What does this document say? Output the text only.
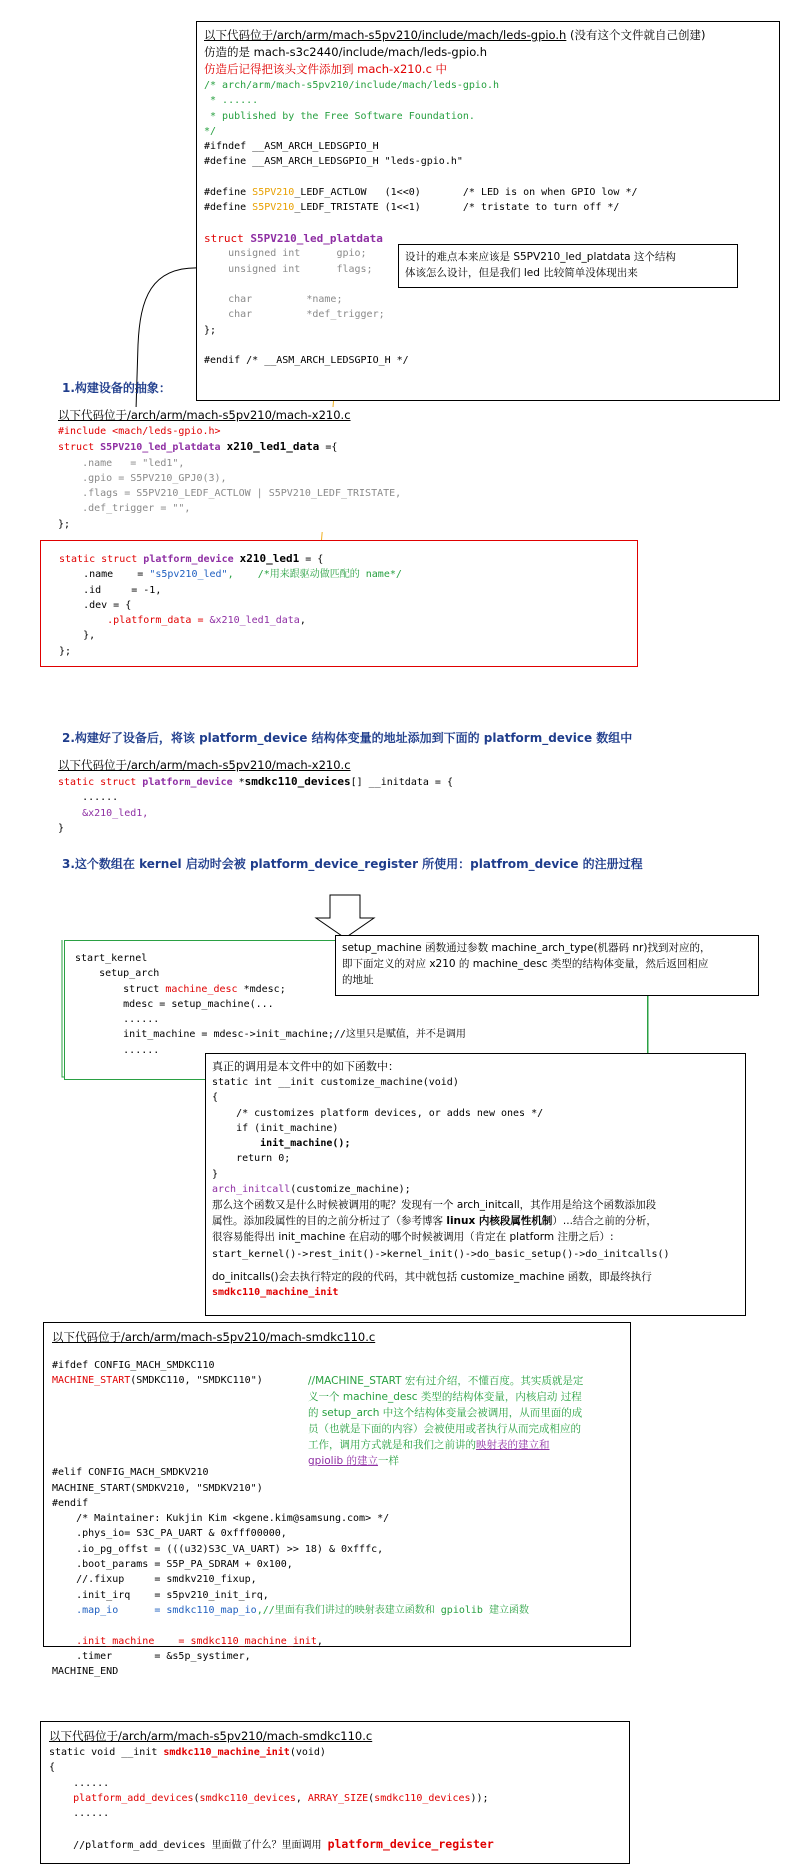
以下代码位于/arch/arm/mach-s5pv210/include/mach/leds-gpio.h (没有这个文件就自己创建)
仿造的是 mach-s3c2440/include/mach/leds-gpio.h
仿造后记得把该头文件添加到 mach-x210.c 中
/* arch/arm/mach-s5pv210/include/mach/leds-gpio.h
* ......
* published by the Free Software Foundation.
*/
#ifndef __ASM_ARCH_LEDSGPIO_H
#define __ASM_ARCH_LEDSGPIO_H "leds-gpio.h"

#define S5PV210_LEDF_ACTLOW   (1<<0)       /* LED is on when GPIO low */
#define S5PV210_LEDF_TRISTATE (1<<1)       /* tristate to turn off */

struct S5PV210_led_platdata
unsigned int      gpio;
unsigned int      flags;

char         *name;
char         *def_trigger;
};

#endif /* __ASM_ARCH_LEDSGPIO_H */
设计的难点本来应该是 S5PV210_led_platdata 这个结构
体该怎么设计，但是我们 led 比较简单没体现出来
1.构建设备的抽象：
以下代码位于/arch/arm/mach-s5pv210/mach-x210.c
#include <mach/leds-gpio.h>
struct S5PV210_led_platdata x210_led1_data ={
.name   = "led1",
.gpio = S5PV210_GPJ0(3),
.flags = S5PV210_LEDF_ACTLOW | S5PV210_LEDF_TRISTATE,
.def_trigger = "",
};
static struct platform_device x210_led1 = {
.name    = "s5pv210_led",    /*用来跟驱动做匹配的 name*/
.id     = -1,
.dev = {
.platform_data = &x210_led1_data,
},
};
2.构建好了设备后，将该 platform_device 结构体变量的地址添加到下面的 platform_device 数组中
以下代码位于/arch/arm/mach-s5pv210/mach-x210.c
static struct platform_device *smdkc110_devices[] __initdata = {
......
&x210_led1,
}
3.这个数组在 kernel 启动时会被 platform_device_register 所使用：platfrom_device 的注册过程
start_kernel
setup_arch
struct machine_desc *mdesc;
mdesc = setup_machine(...
......
init_machine = mdesc->init_machine;//这里只是赋值，并不是调用
......
setup_machine 函数通过参数 machine_arch_type(机器码 nr)找到对应的，
即下面定义的对应 x210 的 machine_desc 类型的结构体变量，然后返回相应
的地址
真正的调用是本文件中的如下函数中：
static int __init customize_machine(void)
{
/* customizes platform devices, or adds new ones */
if (init_machine)
init_machine();
return 0;
}
arch_initcall(customize_machine);
那么这个函数又是什么时候被调用的呢？发现有一个 arch_initcall，其作用是给这个函数添加段
属性。添加段属性的目的之前分析过了（参考博客 linux 内核段属性机制）...结合之前的分析，
很容易能得出 init_machine 在启动的哪个时候被调用（肯定在 platform 注册之后）:
start_kernel()->rest_init()->kernel_init()->do_basic_setup()->do_initcalls()
do_initcalls()会去执行特定的段的代码，其中就包括 customize_machine 函数，即最终执行
smdkc110_machine_init
以下代码位于/arch/arm/mach-s5pv210/mach-smdkc110.c
#ifdef CONFIG_MACH_SMDKC110
MACHINE_START(SMDKC110, "SMDKC110")	//MACHINE_START 宏有过介绍，不懂百度。其实质就是定
义一个 machine_desc 类型的结构体变量，内核启动 过程
的 setup_arch 中这个结构体变量会被调用，从而里面的成
员（也就是下面的内容）会被使用或者执行从而完成相应的
工作，调用方式就是和我们之前讲的映射表的建立和
gpiolib 的建立一样
#elif CONFIG_MACH_SMDKV210
MACHINE_START(SMDKV210, "SMDKV210")
#endif
/* Maintainer: Kukjin Kim <kgene.kim@samsung.com> */
.phys_io= S3C_PA_UART & 0xfff00000,
.io_pg_offst = (((u32)S3C_VA_UART) >> 18) & 0xfffc,
.boot_params = S5P_PA_SDRAM + 0x100,
//.fixup     = smdkv210_fixup,
.init_irq    = s5pv210_init_irq,
.map_io      = smdkc110_map_io,//里面有我们讲过的映射表建立函数和 gpiolib 建立函数

.init_machine    = smdkc110_machine_init,
.timer       = &s5p_systimer,
MACHINE_END
以下代码位于/arch/arm/mach-s5pv210/mach-smdkc110.c
static void __init smdkc110_machine_init(void)
{
......
platform_add_devices(smdkc110_devices, ARRAY_SIZE(smdkc110_devices));
......

//platform_add_devices 里面做了什么？里面调用 platform_device_register
